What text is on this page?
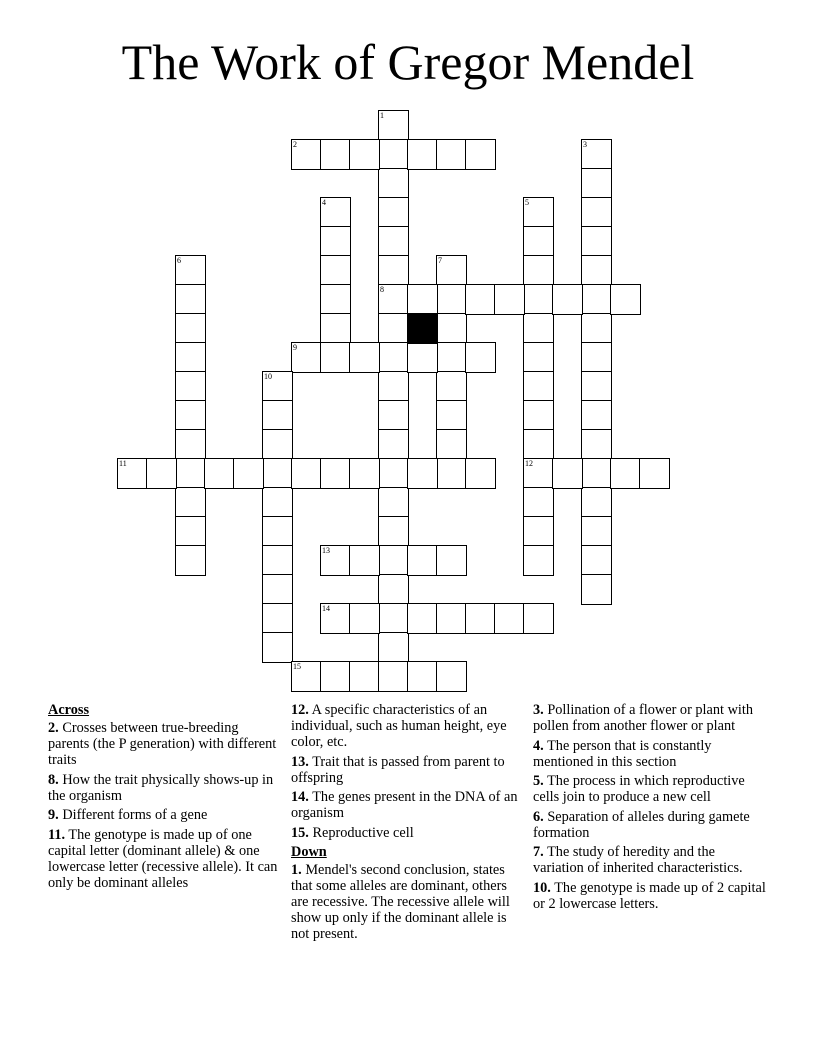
The Work of Gregor Mendel
1
8
2	3
4	5
12
6	7
9
10
11
13
14
15

Across

2. Crosses between true-breeding parents (the P generation) with different traits

8. How the trait physically shows-up in the organism

9. Different forms of a gene

11. The genotype is made up of one capital letter (dominant allele) & one lowercase letter (recessive allele). It can only be dominant alleles

12. A specific characteristics of an individual, such as human height, eye color, etc.

13. Trait that is passed from parent to offspring

14. The genes present in the DNA of an organism

15. Reproductive cell

Down

1. Mendel's second conclusion, states that some alleles are dominant, others are recessive. The recessive allele will show up only if the dominant allele is not present.

3. Pollination of a flower or plant with pollen from another flower or plant

4. The person that is constantly mentioned in this section

5. The process in which reproductive cells join to produce a new cell

6. Separation of alleles during gamete formation

7. The study of heredity and the variation of inherited characteristics.

10. The genotype is made up of 2 capital or 2 lowercase letters.
